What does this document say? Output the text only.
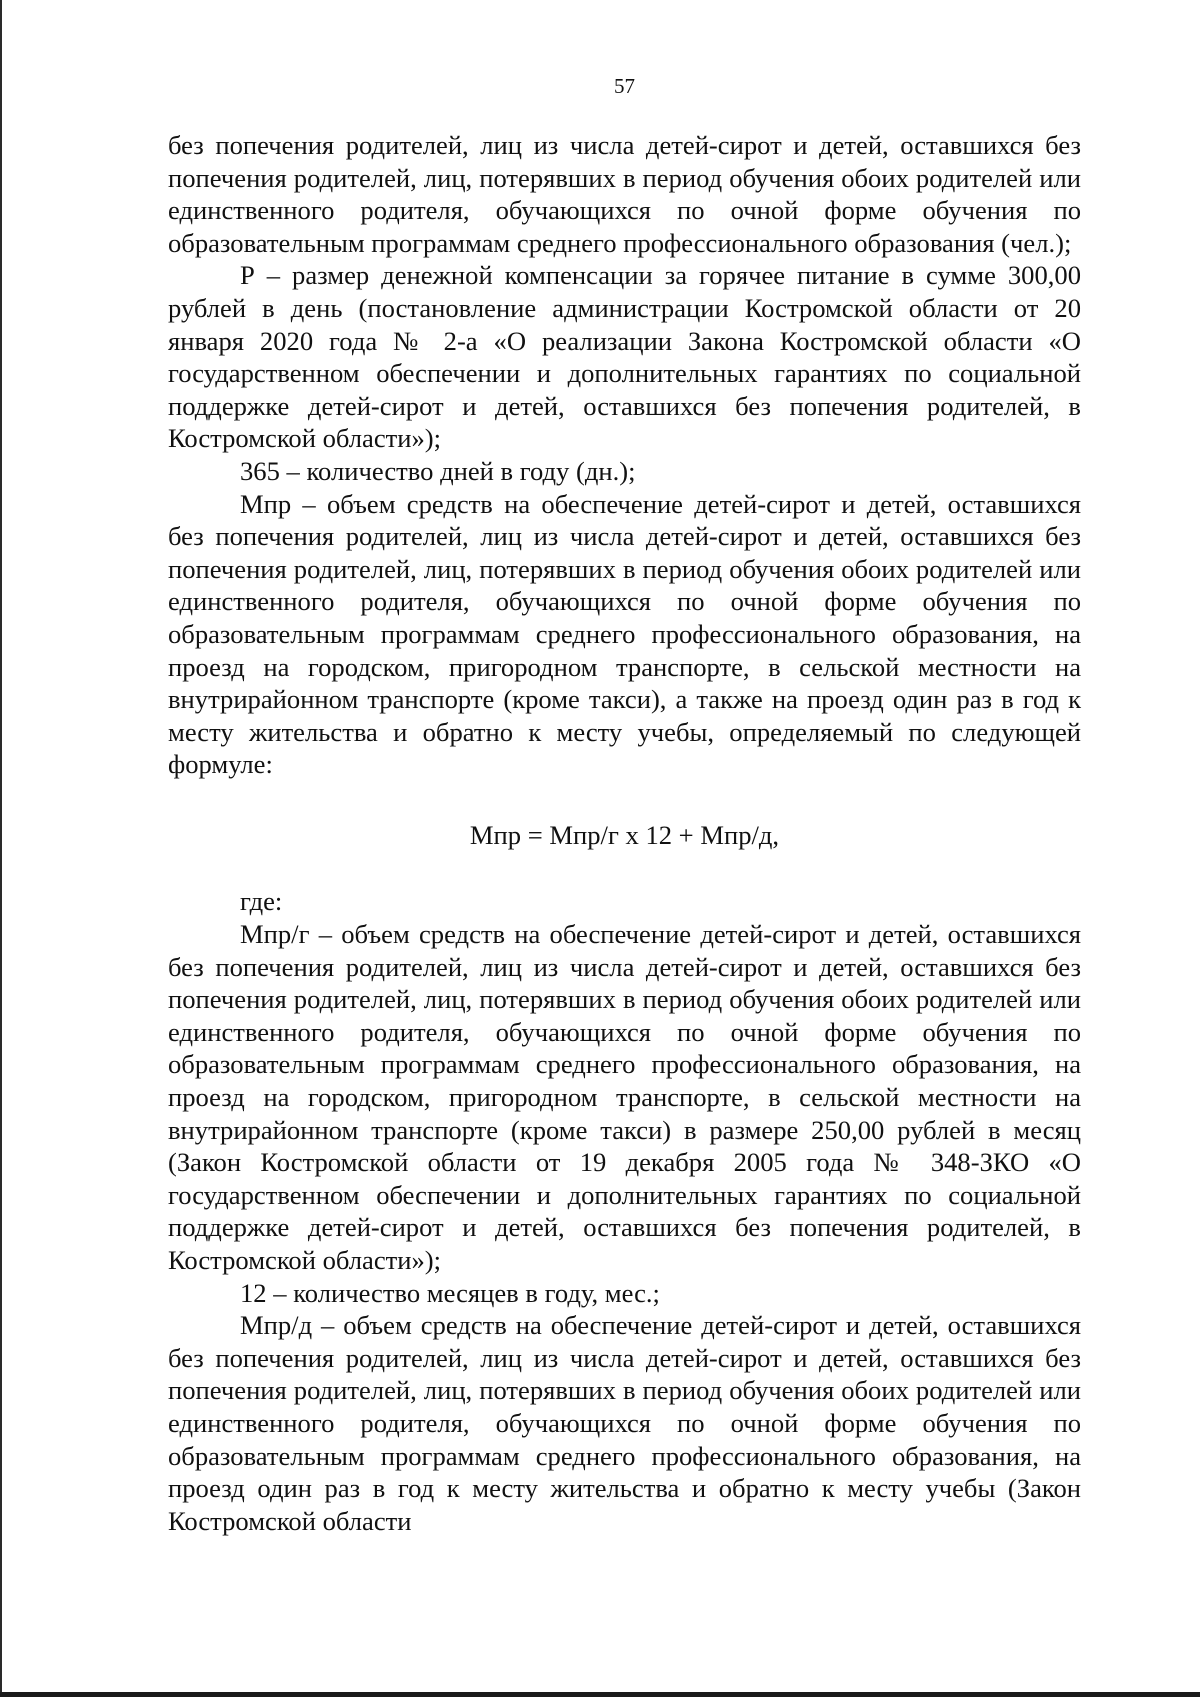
57

без попечения родителей, лиц из числа детей-сирот и детей, оставшихся без попечения родителей, лиц, потерявших в период обучения обоих родителей или единственного родителя, обучающихся по очной форме обучения по образовательным программам среднего профессионального образования (чел.);

Р – размер денежной компенсации за горячее питание в сумме 300,00 рублей в день (постановление администрации Костромской области от 20 января 2020 года № 2-а «О реализации Закона Костромской области «О государственном обеспечении и дополнительных гарантиях по социальной поддержке детей-сирот и детей, оставшихся без попечения родителей, в Костромской области»);

365 – количество дней в году (дн.);

Мпр – объем средств на обеспечение детей-сирот и детей, оставшихся без попечения родителей, лиц из числа детей-сирот и детей, оставшихся без попечения родителей, лиц, потерявших в период обучения обоих родителей или единственного родителя, обучающихся по очной форме обучения по образовательным программам среднего профессионального образования, на проезд на городском, пригородном транспорте, в сельской местности на внутрирайонном транспорте (кроме такси), а также на проезд один раз в год к месту жительства и обратно к месту учебы, определяемый по следующей формуле:

Мпр = Мпр/г х 12 + Мпр/д,

где:

Мпр/г – объем средств на обеспечение детей-сирот и детей, оставшихся без попечения родителей, лиц из числа детей-сирот и детей, оставшихся без попечения родителей, лиц, потерявших в период обучения обоих родителей или единственного родителя, обучающихся по очной форме обучения по образовательным программам среднего профессионального образования, на проезд на городском, пригородном транспорте, в сельской местности на внутрирайонном транспорте (кроме такси) в размере 250,00 рублей в месяц (Закон Костромской области от 19 декабря 2005 года № 348-ЗКО «О государственном обеспечении и дополнительных гарантиях по социальной поддержке детей-сирот и детей, оставшихся без попечения родителей, в Костромской области»);

12 – количество месяцев в году, мес.;

Мпр/д – объем средств на обеспечение детей-сирот и детей, оставшихся без попечения родителей, лиц из числа детей-сирот и детей, оставшихся без попечения родителей, лиц, потерявших в период обучения обоих родителей или единственного родителя, обучающихся по очной форме обучения по образовательным программам среднего профессионального образования, на проезд один раз в год к месту жительства и обратно к месту учебы (Закон Костромской области
